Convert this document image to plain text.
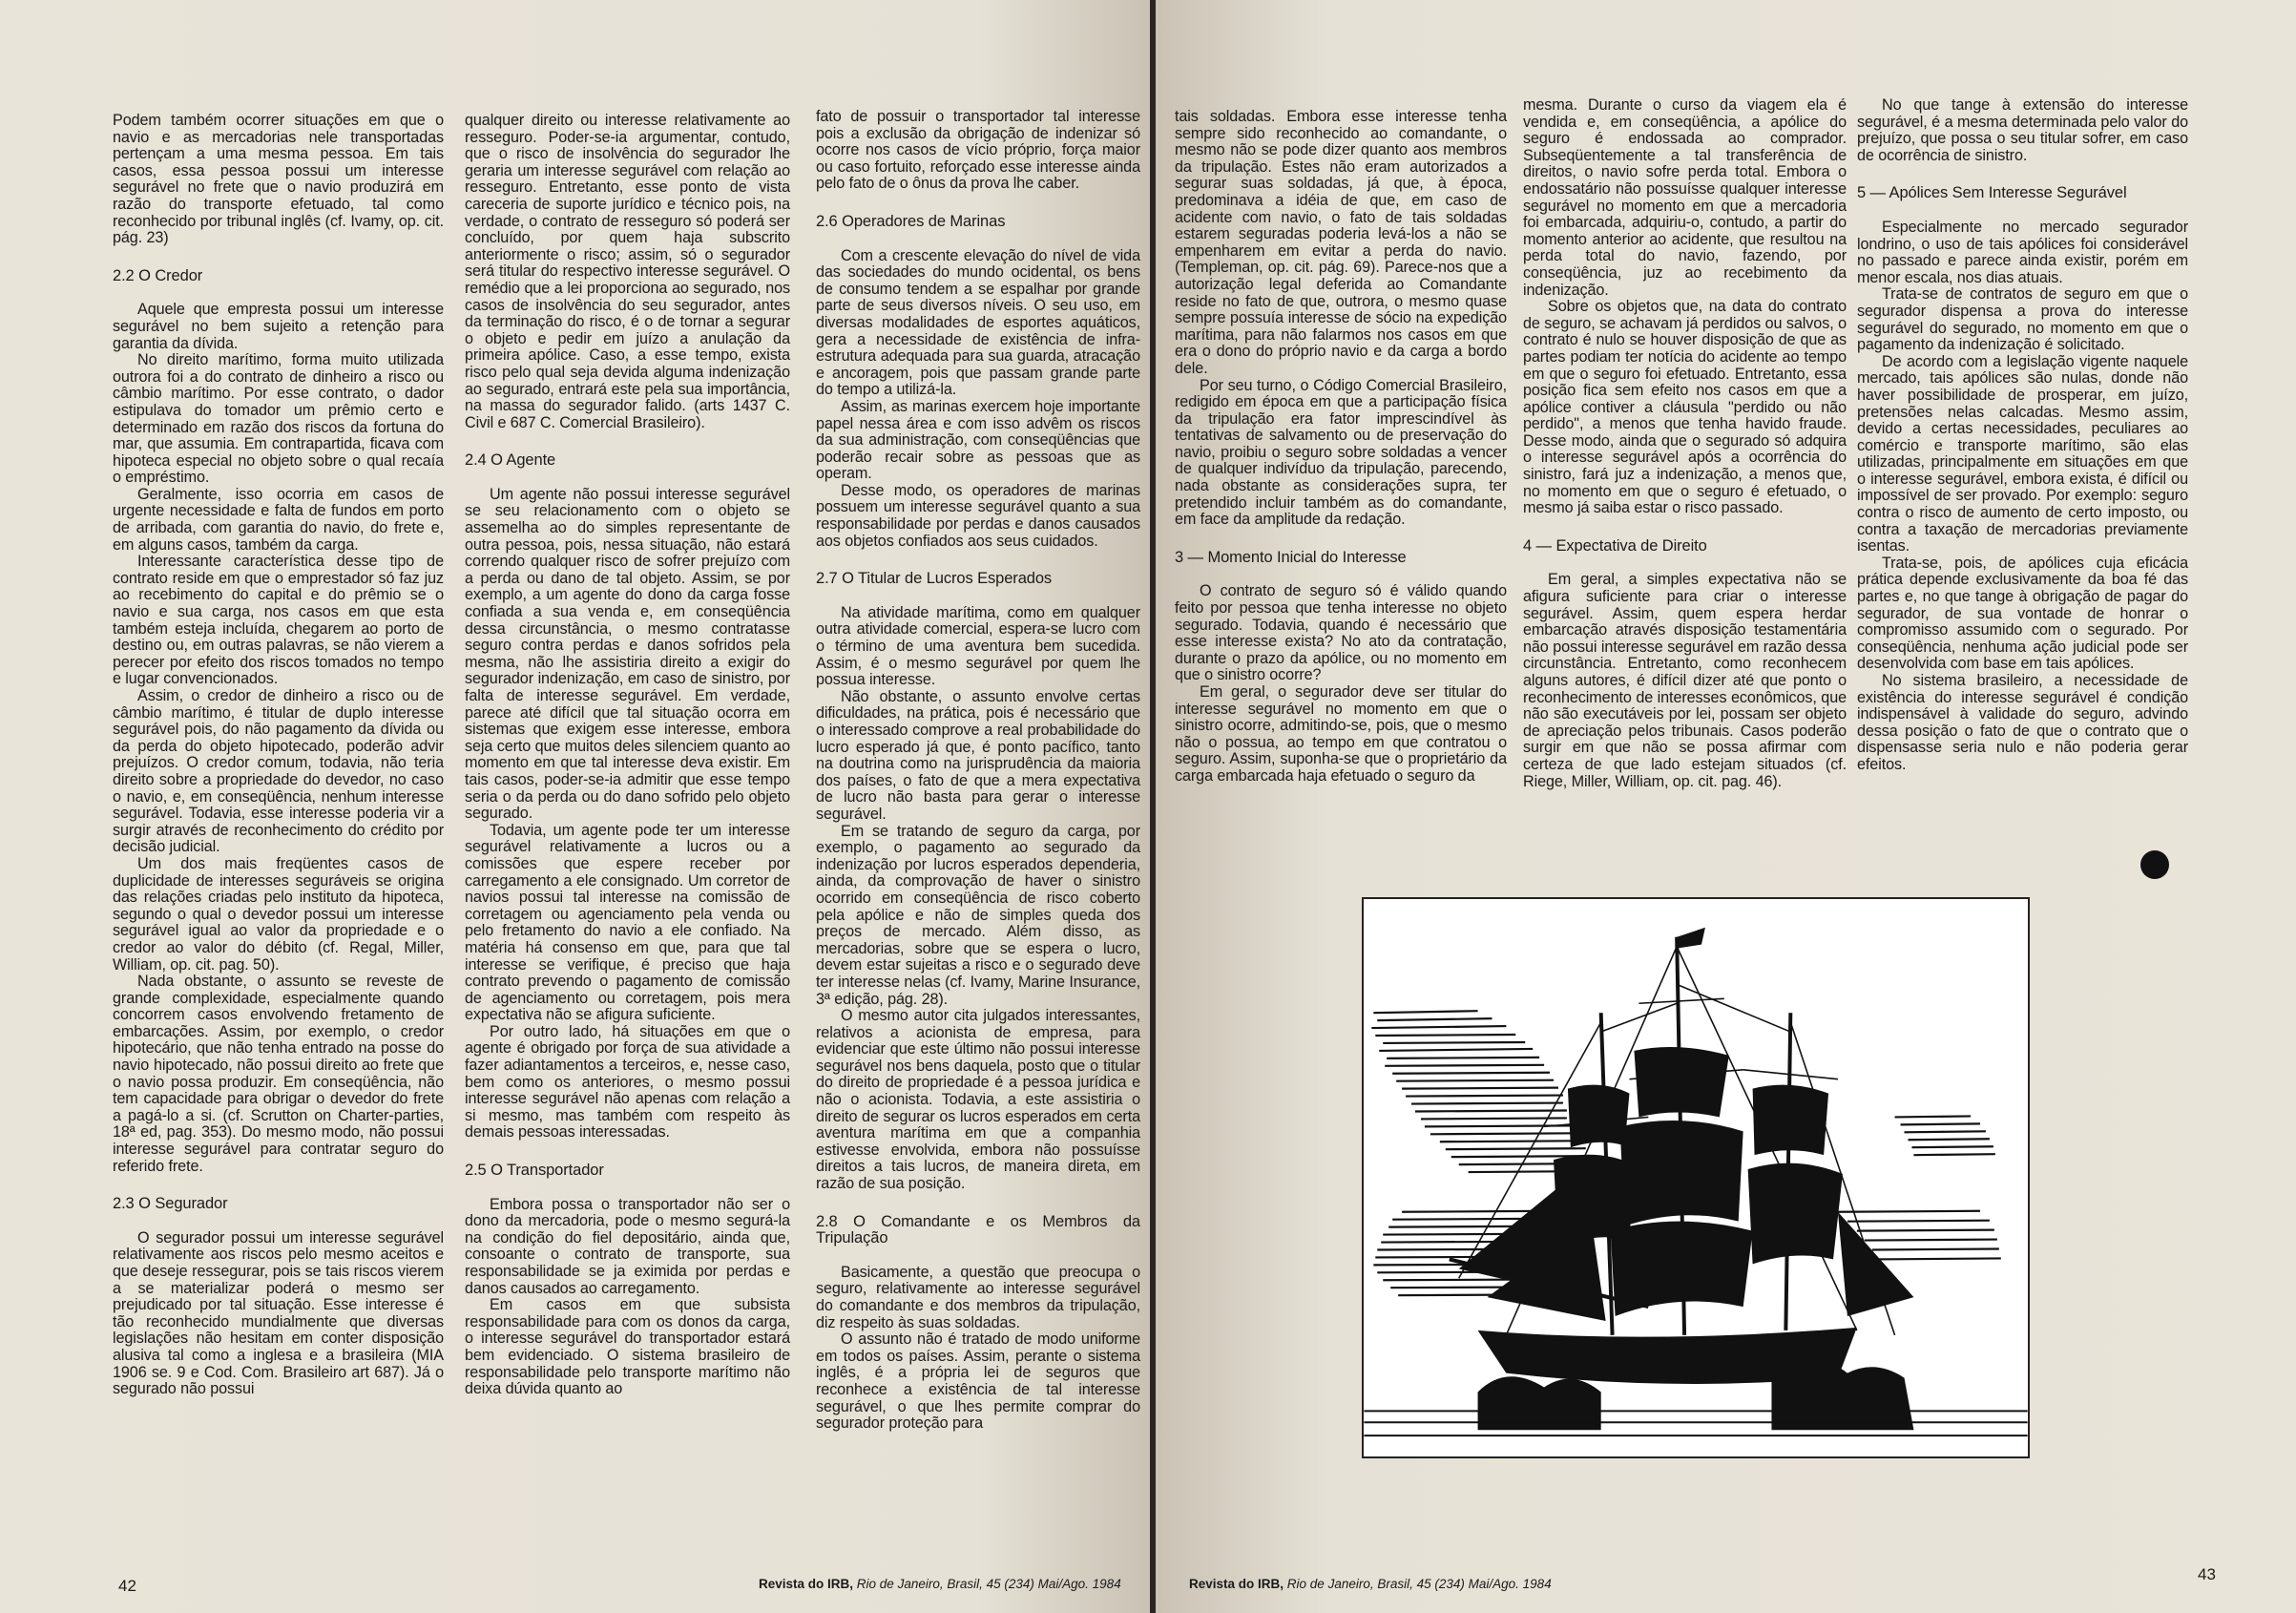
Podem também ocorrer situações em que o navio e as mercadorias nele transportadas pertençam a uma mesma pessoa. Em tais casos, essa pessoa possui um interesse segurável no frete que o navio produzirá em razão do transporte efetuado, tal como reconhecido por tribunal inglês (cf. Ivamy, op. cit. pág. 23)

2.2 O Credor

Aquele que empresta possui um interesse segurável no bem sujeito a retenção para garantia da dívida.

No direito marítimo, forma muito utilizada outrora foi a do contrato de dinheiro a risco ou câmbio marítimo. Por esse contrato, o dador estipulava do tomador um prêmio certo e determinado em razão dos riscos da fortuna do mar, que assumia. Em contrapartida, ficava com hipoteca especial no objeto sobre o qual recaía o empréstimo.

Geralmente, isso ocorria em casos de urgente necessidade e falta de fundos em porto de arribada, com garantia do navio, do frete e, em alguns casos, também da carga.

Interessante característica desse tipo de contrato reside em que o emprestador só faz juz ao recebimento do capital e do prêmio se o navio e sua carga, nos casos em que esta também esteja incluída, chegarem ao porto de destino ou, em outras palavras, se não vierem a perecer por efeito dos riscos tomados no tempo e lugar convencionados.

Assim, o credor de dinheiro a risco ou de câmbio marítimo, é titular de duplo interesse segurável pois, do não pagamento da dívida ou da perda do objeto hipotecado, poderão advir prejuízos. O credor comum, todavia, não teria direito sobre a propriedade do devedor, no caso o navio, e, em conseqüência, nenhum interesse segurável. Todavia, esse interesse poderia vir a surgir através de reconhecimento do crédito por decisão judicial.

Um dos mais freqüentes casos de duplicidade de interesses seguráveis se origina das relações criadas pelo instituto da hipoteca, segundo o qual o devedor possui um interesse segurável igual ao valor da propriedade e o credor ao valor do débito (cf. Regal, Miller, William, op. cit. pag. 50).

Nada obstante, o assunto se reveste de grande complexidade, especialmente quando concorrem casos envolvendo fretamento de embarcações. Assim, por exemplo, o credor hipotecário, que não tenha entrado na posse do navio hipotecado, não possui direito ao frete que o navio possa produzir. Em conseqüência, não tem capacidade para obrigar o devedor do frete a pagá-lo a si. (cf. Scrutton on Charter-parties, 18ª ed, pag. 353). Do mesmo modo, não possui interesse segurável para contratar seguro do referido frete.

2.3 O Segurador

O segurador possui um interesse segurável relativamente aos riscos pelo mesmo aceitos e que deseje ressegurar, pois se tais riscos vierem a se materializar poderá o mesmo ser prejudicado por tal situação. Esse interesse é tão reconhecido mundialmente que diversas legislações não hesitam em conter disposição alusiva tal como a inglesa e a brasileira (MIA 1906 se. 9 e Cod. Com. Brasileiro art 687). Já o segurado não possui

qualquer direito ou interesse relativamente ao resseguro. Poder-se-ia argumentar, contudo, que o risco de insolvência do segurador lhe geraria um interesse segurável com relação ao resseguro. Entretanto, esse ponto de vista careceria de suporte jurídico e técnico pois, na verdade, o contrato de resseguro só poderá ser concluído, por quem haja subscrito anteriormente o risco; assim, só o segurador será titular do respectivo interesse segurável. O remédio que a lei proporciona ao segurado, nos casos de insolvência do seu segurador, antes da terminação do risco, é o de tornar a segurar o objeto e pedir em juízo a anulação da primeira apólice. Caso, a esse tempo, exista risco pelo qual seja devida alguma indenização ao segurado, entrará este pela sua importância, na massa do segurador falido. (arts 1437 C. Civil e 687 C. Comercial Brasileiro).

2.4 O Agente

Um agente não possui interesse segurável se seu relacionamento com o objeto se assemelha ao do simples representante de outra pessoa, pois, nessa situação, não estará correndo qualquer risco de sofrer prejuízo com a perda ou dano de tal objeto. Assim, se por exemplo, a um agente do dono da carga fosse confiada a sua venda e, em conseqüência dessa circunstância, o mesmo contratasse seguro contra perdas e danos sofridos pela mesma, não lhe assistiria direito a exigir do segurador indenização, em caso de sinistro, por falta de interesse segurável. Em verdade, parece até difícil que tal situação ocorra em sistemas que exigem esse interesse, embora seja certo que muitos deles silenciem quanto ao momento em que tal interesse deva existir. Em tais casos, poder-se-ia admitir que esse tempo seria o da perda ou do dano sofrido pelo objeto segurado.

Todavia, um agente pode ter um interesse segurável relativamente a lucros ou a comissões que espere receber por carregamento a ele consignado. Um corretor de navios possui tal interesse na comissão de corretagem ou agenciamento pela venda ou pelo fretamento do navio a ele confiado. Na matéria há consenso em que, para que tal interesse se verifique, é preciso que haja contrato prevendo o pagamento de comissão de agenciamento ou corretagem, pois mera expectativa não se afigura suficiente.

Por outro lado, há situações em que o agente é obrigado por força de sua atividade a fazer adiantamentos a terceiros, e, nesse caso, bem como os anteriores, o mesmo possui interesse segurável não apenas com relação a si mesmo, mas também com respeito às demais pessoas interessadas.

2.5 O Transportador

Embora possa o transportador não ser o dono da mercadoria, pode o mesmo segurá-la na condição do fiel depositário, ainda que, consoante o contrato de transporte, sua responsabilidade se ja eximida por perdas e danos causados ao carregamento.

Em casos em que subsista responsabilidade para com os donos da carga, o interesse segurável do transportador estará bem evidenciado. O sistema brasileiro de responsabilidade pelo transporte marítimo não deixa dúvida quanto ao

fato de possuir o transportador tal interesse pois a exclusão da obrigação de indenizar só ocorre nos casos de vício próprio, força maior ou caso fortuito, reforçado esse interesse ainda pelo fato de o ônus da prova lhe caber.

2.6 Operadores de Marinas

Com a crescente elevação do nível de vida das sociedades do mundo ocidental, os bens de consumo tendem a se espalhar por grande parte de seus diversos níveis. O seu uso, em diversas modalidades de esportes aquáticos, gera a necessidade de existência de infra-estrutura adequada para sua guarda, atracação e ancoragem, pois que passam grande parte do tempo a utilizá-la.

Assim, as marinas exercem hoje importante papel nessa área e com isso advêm os riscos da sua administração, com conseqüências que poderão recair sobre as pessoas que as operam.

Desse modo, os operadores de marinas possuem um interesse segurável quanto a sua responsabilidade por perdas e danos causados aos objetos confiados aos seus cuidados.

2.7 O Titular de Lucros Esperados

Na atividade marítima, como em qualquer outra atividade comercial, espera-se lucro com o término de uma aventura bem sucedida. Assim, é o mesmo segurável por quem lhe possua interesse.

Não obstante, o assunto envolve certas dificuldades, na prática, pois é necessário que o interessado comprove a real probabilidade do lucro esperado já que, é ponto pacífico, tanto na doutrina como na jurisprudência da maioria dos países, o fato de que a mera expectativa de lucro não basta para gerar o interesse segurável.

Em se tratando de seguro da carga, por exemplo, o pagamento ao segurado da indenização por lucros esperados dependeria, ainda, da comprovação de haver o sinistro ocorrido em conseqüência de risco coberto pela apólice e não de simples queda dos preços de mercado. Além disso, as mercadorias, sobre que se espera o lucro, devem estar sujeitas a risco e o segurado deve ter interesse nelas (cf. Ivamy, Marine Insurance, 3ª edição, pág. 28).

O mesmo autor cita julgados interessantes, relativos a acionista de empresa, para evidenciar que este último não possui interesse segurável nos bens daquela, posto que o titular do direito de propriedade é a pessoa jurídica e não o acionista. Todavia, a este assistiria o direito de segurar os lucros esperados em certa aventura marítima em que a companhia estivesse envolvida, embora não possuísse direitos a tais lucros, de maneira direta, em razão de sua posição.

2.8 O Comandante e os Membros da Tripulação

Basicamente, a questão que preocupa o seguro, relativamente ao interesse segurável do comandante e dos membros da tripulação, diz respeito às suas soldadas.

O assunto não é tratado de modo uniforme em todos os países. Assim, perante o sistema inglês, é a própria lei de seguros que reconhece a existência de tal interesse segurável, o que lhes permite comprar do segurador proteção para

42	Revista do IRB, Rio de Janeiro, Brasil, 45 (234) Mai/Ago. 1984

tais soldadas. Embora esse interesse tenha sempre sido reconhecido ao comandante, o mesmo não se pode dizer quanto aos membros da tripulação. Estes não eram autorizados a segurar suas soldadas, já que, à época, predominava a idéia de que, em caso de acidente com navio, o fato de tais soldadas estarem seguradas poderia levá-los a não se empenharem em evitar a perda do navio. (Templeman, op. cit. pág. 69). Parece-nos que a autorização legal deferida ao Comandante reside no fato de que, outrora, o mesmo quase sempre possuía interesse de sócio na expedição marítima, para não falarmos nos casos em que era o dono do próprio navio e da carga a bordo dele.

Por seu turno, o Código Comercial Brasileiro, redigido em época em que a participação física da tripulação era fator imprescindível às tentativas de salvamento ou de preservação do navio, proibiu o seguro sobre soldadas a vencer de qualquer indivíduo da tripulação, parecendo, nada obstante as considerações supra, ter pretendido incluir também as do comandante, em face da amplitude da redação.

3 — Momento Inicial do Interesse

O contrato de seguro só é válido quando feito por pessoa que tenha interesse no objeto segurado. Todavia, quando é necessário que esse interesse exista? No ato da contratação, durante o prazo da apólice, ou no momento em que o sinistro ocorre?

Em geral, o segurador deve ser titular do interesse segurável no momento em que o sinistro ocorre, admitindo-se, pois, que o mesmo não o possua, ao tempo em que contratou o seguro. Assim, suponha-se que o proprietário da carga embarcada haja efetuado o seguro da

mesma. Durante o curso da viagem ela é vendida e, em conseqüência, a apólice do seguro é endossada ao comprador. Subseqüentemente a tal transferência de direitos, o navio sofre perda total. Embora o endossatário não possuísse qualquer interesse segurável no momento em que a mercadoria foi embarcada, adquiriu-o, contudo, a partir do momento anterior ao acidente, que resultou na perda total do navio, fazendo, por conseqüência, juz ao recebimento da indenização.

Sobre os objetos que, na data do contrato de seguro, se achavam já perdidos ou salvos, o contrato é nulo se houver disposição de que as partes podiam ter notícia do acidente ao tempo em que o seguro foi efetuado. Entretanto, essa posição fica sem efeito nos casos em que a apólice contiver a cláusula "perdido ou não perdido", a menos que tenha havido fraude. Desse modo, ainda que o segurado só adquira o interesse segurável após a ocorrência do sinistro, fará juz a indenização, a menos que, no momento em que o seguro é efetuado, o mesmo já saiba estar o risco passado.

4 — Expectativa de Direito

Em geral, a simples expectativa não se afigura suficiente para criar o interesse segurável. Assim, quem espera herdar embarcação através disposição testamentária não possui interesse segurável em razão dessa circunstância. Entretanto, como reconhecem alguns autores, é difícil dizer até que ponto o reconhecimento de interesses econômicos, que não são executáveis por lei, possam ser objeto de apreciação pelos tribunais. Casos poderão surgir em que não se possa afirmar com certeza de que lado estejam situados (cf. Riege, Miller, William, op. cit. pag. 46).

No que tange à extensão do interesse segurável, é a mesma determinada pelo valor do prejuízo, que possa o seu titular sofrer, em caso de ocorrência de sinistro.

5 — Apólices Sem Interesse Segurável

Especialmente no mercado segurador londrino, o uso de tais apólices foi considerável no passado e parece ainda existir, porém em menor escala, nos dias atuais.

Trata-se de contratos de seguro em que o segurador dispensa a prova do interesse segurável do segurado, no momento em que o pagamento da indenização é solicitado.

De acordo com a legislação vigente naquele mercado, tais apólices são nulas, donde não haver possibilidade de prosperar, em juízo, pretensões nelas calcadas. Mesmo assim, devido a certas necessidades, peculiares ao comércio e transporte marítimo, são elas utilizadas, principalmente em situações em que o interesse segurável, embora exista, é difícil ou impossível de ser provado. Por exemplo: seguro contra o risco de aumento de certo imposto, ou contra a taxação de mercadorias previamente isentas.

Trata-se, pois, de apólices cuja eficácia prática depende exclusivamente da boa fé das partes e, no que tange à obrigação de pagar do segurador, de sua vontade de honrar o compromisso assumido com o segurado. Por conseqüência, nenhuma ação judicial pode ser desenvolvida com base em tais apólices.

No sistema brasileiro, a necessidade de existência do interesse segurável é condição indispensável à validade do seguro, advindo dessa posição o fato de que o contrato que o dispensasse seria nulo e não poderia gerar efeitos.

43
Revista do IRB, Rio de Janeiro, Brasil, 45 (234) Mai/Ago. 1984
